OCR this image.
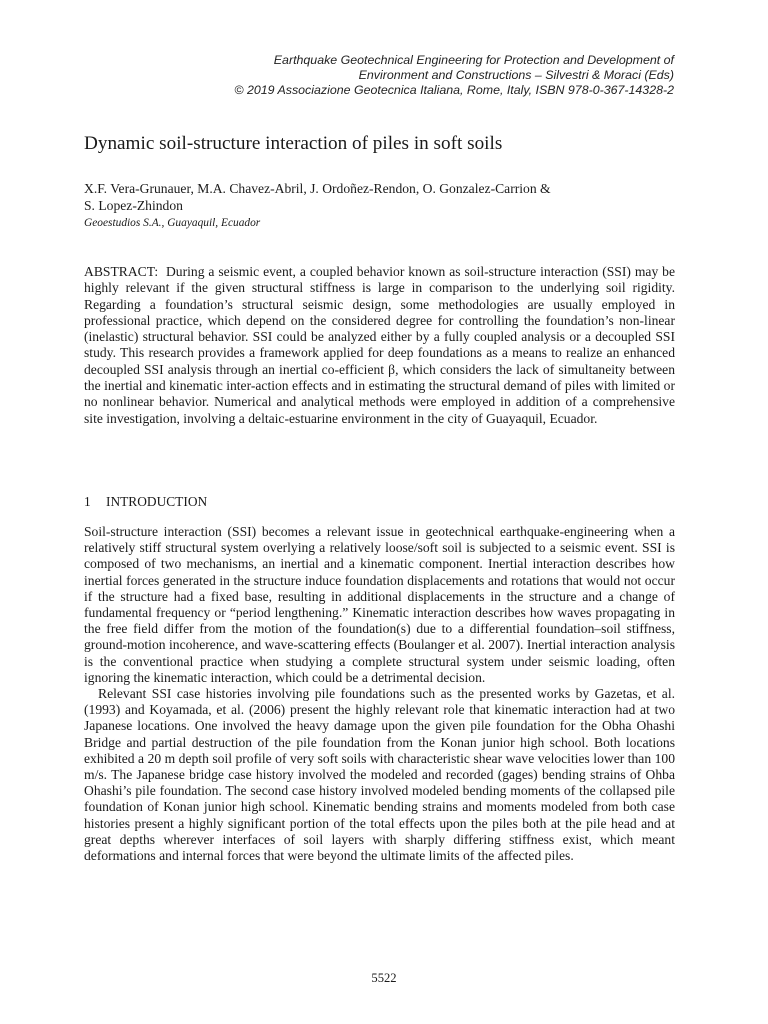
Earthquake Geotechnical Engineering for Protection and Development of
Environment and Constructions – Silvestri & Moraci (Eds)
© 2019 Associazione Geotecnica Italiana, Rome, Italy, ISBN 978-0-367-14328-2
Dynamic soil-structure interaction of piles in soft soils
X.F. Vera-Grunauer, M.A. Chavez-Abril, J. Ordoñez-Rendon, O. Gonzalez-Carrion &
S. Lopez-Zhindon
Geoestudios S.A., Guayaquil, Ecuador

ABSTRACT: During a seismic event, a coupled behavior known as soil-structure interaction (SSI) may be highly relevant if the given structural stiffness is large in comparison to the underlying soil rigidity. Regarding a foundation’s structural seismic design, some methodologies are usually employed in professional practice, which depend on the considered degree for controlling the foundation’s non-linear (inelastic) structural behavior. SSI could be analyzed either by a fully coupled analysis or a decoupled SSI study. This research provides a framework applied for deep foundations as a means to realize an enhanced decoupled SSI analysis through an inertial co-efficient β, which considers the lack of simultaneity between the inertial and kinematic inter-action effects and in estimating the structural demand of piles with limited or no nonlinear behavior. Numerical and analytical methods were employed in addition of a comprehensive site investigation, involving a deltaic-estuarine environment in the city of Guayaquil, Ecuador.

1 INTRODUCTION

Soil-structure interaction (SSI) becomes a relevant issue in geotechnical earthquake-engineering when a relatively stiff structural system overlying a relatively loose/soft soil is subjected to a seismic event. SSI is composed of two mechanisms, an inertial and a kinematic component. Inertial interaction describes how inertial forces generated in the structure induce foundation displacements and rotations that would not occur if the structure had a fixed base, resulting in additional displacements in the structure and a change of fundamental frequency or “period lengthening.” Kinematic interaction describes how waves propagating in the free field differ from the motion of the foundation(s) due to a differential foundation–soil stiffness, ground-motion incoherence, and wave-scattering effects (Boulanger et al. 2007). Inertial interaction analysis is the conventional practice when studying a complete structural system under seismic loading, often ignoring the kinematic interaction, which could be a detrimental decision.

Relevant SSI case histories involving pile foundations such as the presented works by Gazetas, et al. (1993) and Koyamada, et al. (2006) present the highly relevant role that kinematic interaction had at two Japanese locations. One involved the heavy damage upon the given pile foundation for the Obha Ohashi Bridge and partial destruction of the pile foundation from the Konan junior high school. Both locations exhibited a 20 m depth soil profile of very soft soils with characteristic shear wave velocities lower than 100 m/s. The Japanese bridge case history involved the modeled and recorded (gages) bending strains of Ohba Ohashi’s pile foundation. The second case history involved modeled bending moments of the collapsed pile foundation of Konan junior high school. Kinematic bending strains and moments modeled from both case histories present a highly significant portion of the total effects upon the piles both at the pile head and at great depths wherever interfaces of soil layers with sharply differing stiffness exist, which meant deformations and internal forces that were beyond the ultimate limits of the affected piles.

5522
